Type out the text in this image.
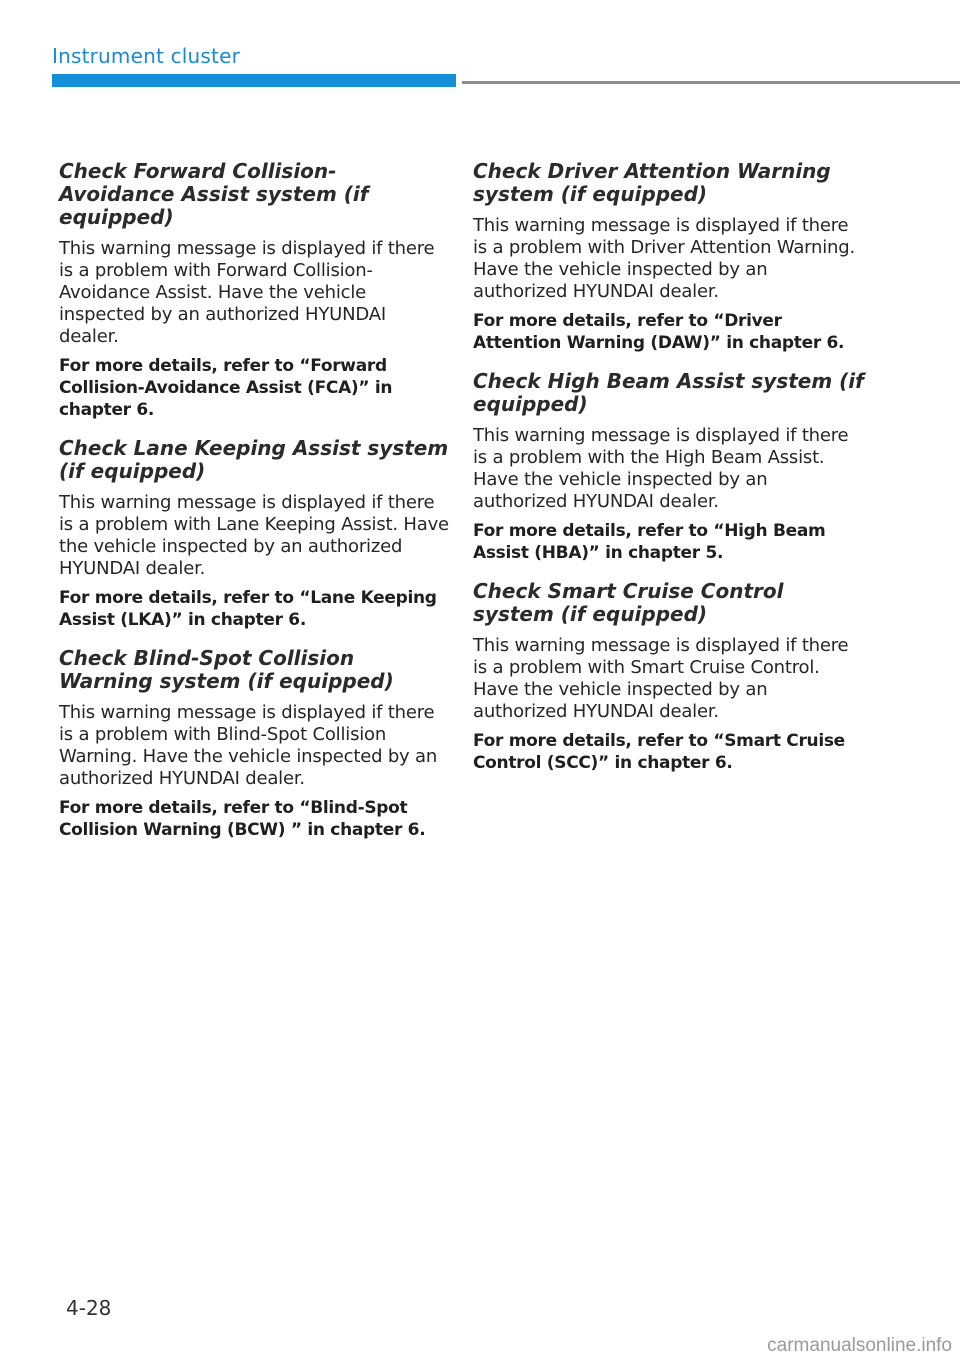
Instrument cluster
Check Forward Collision-Avoidance Assist system (if equipped)

This warning message is displayed if there is a problem with Forward Collision-Avoidance Assist. Have the vehicle inspected by an authorized HYUNDAI dealer.

For more details, refer to “Forward Collision-Avoidance Assist (FCA)” in chapter 6.

Check Lane Keeping Assist system (if equipped)

This warning message is displayed if there is a problem with Lane Keeping Assist. Have the vehicle inspected by an authorized HYUNDAI dealer.

For more details, refer to “Lane Keeping Assist (LKA)” in chapter 6.

Check Blind-Spot Collision Warning system (if equipped)

This warning message is displayed if there is a problem with Blind-Spot Collision Warning. Have the vehicle inspected by an authorized HYUNDAI dealer.

For more details, refer to “Blind-Spot Collision Warning (BCW) ” in chapter 6.

Check Driver Attention Warning system (if equipped)

This warning message is displayed if there is a problem with Driver Attention Warning. Have the vehicle inspected by an authorized HYUNDAI dealer.

For more details, refer to “Driver Attention Warning (DAW)” in chapter 6.

Check High Beam Assist system (if equipped)

This warning message is displayed if there is a problem with the High Beam Assist. Have the vehicle inspected by an authorized HYUNDAI dealer.

For more details, refer to “High Beam Assist (HBA)” in chapter 5.

Check Smart Cruise Control system (if equipped)

This warning message is displayed if there is a problem with Smart Cruise Control. Have the vehicle inspected by an authorized HYUNDAI dealer.

For more details, refer to “Smart Cruise Control (SCC)” in chapter 6.

4-28
carmanualsonline.info
